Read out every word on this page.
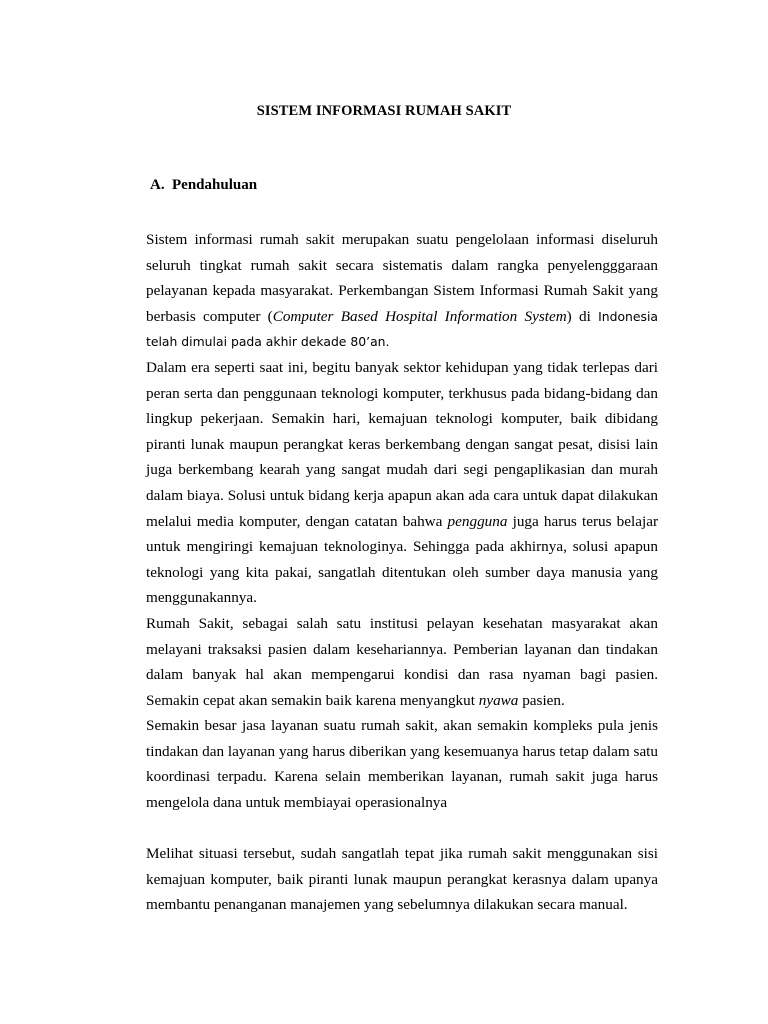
SISTEM INFORMASI RUMAH SAKIT
A. Pendahuluan

Sistem informasi rumah sakit merupakan suatu pengelolaan informasi diseluruh seluruh tingkat rumah sakit secara sistematis dalam rangka penyelengggaraan pelayanan kepada masyarakat. Perkembangan Sistem Informasi Rumah Sakit yang berbasis computer (Computer Based Hospital Information System) di Indonesia telah dimulai pada akhir dekade 80’an.

Dalam era seperti saat ini, begitu banyak sektor kehidupan yang tidak terlepas dari peran serta dan penggunaan teknologi komputer, terkhusus pada bidang-bidang dan lingkup pekerjaan. Semakin hari, kemajuan teknologi komputer, baik dibidang piranti lunak maupun perangkat keras berkembang dengan sangat pesat, disisi lain juga berkembang kearah yang sangat mudah dari segi pengaplikasian dan murah dalam biaya. Solusi untuk bidang kerja apapun akan ada cara untuk dapat dilakukan melalui media komputer, dengan catatan bahwa pengguna juga harus terus belajar untuk mengiringi kemajuan teknologinya. Sehingga pada akhirnya, solusi apapun teknologi yang kita pakai, sangatlah ditentukan oleh sumber daya manusia yang menggunakannya.

Rumah Sakit, sebagai salah satu institusi pelayan kesehatan masyarakat akan melayani traksaksi pasien dalam kesehariannya. Pemberian layanan dan tindakan dalam banyak hal akan mempengarui kondisi dan rasa nyaman bagi pasien. Semakin cepat akan semakin baik karena menyangkut nyawa pasien.

Semakin besar jasa layanan suatu rumah sakit, akan semakin kompleks pula jenis tindakan dan layanan yang harus diberikan yang kesemuanya harus tetap dalam satu koordinasi terpadu. Karena selain memberikan layanan, rumah sakit juga harus mengelola dana untuk membiayai operasionalnya

Melihat situasi tersebut, sudah sangatlah tepat jika rumah sakit menggunakan sisi kemajuan komputer, baik piranti lunak maupun perangkat kerasnya dalam upanya membantu penanganan manajemen yang sebelumnya dilakukan secara manual.
